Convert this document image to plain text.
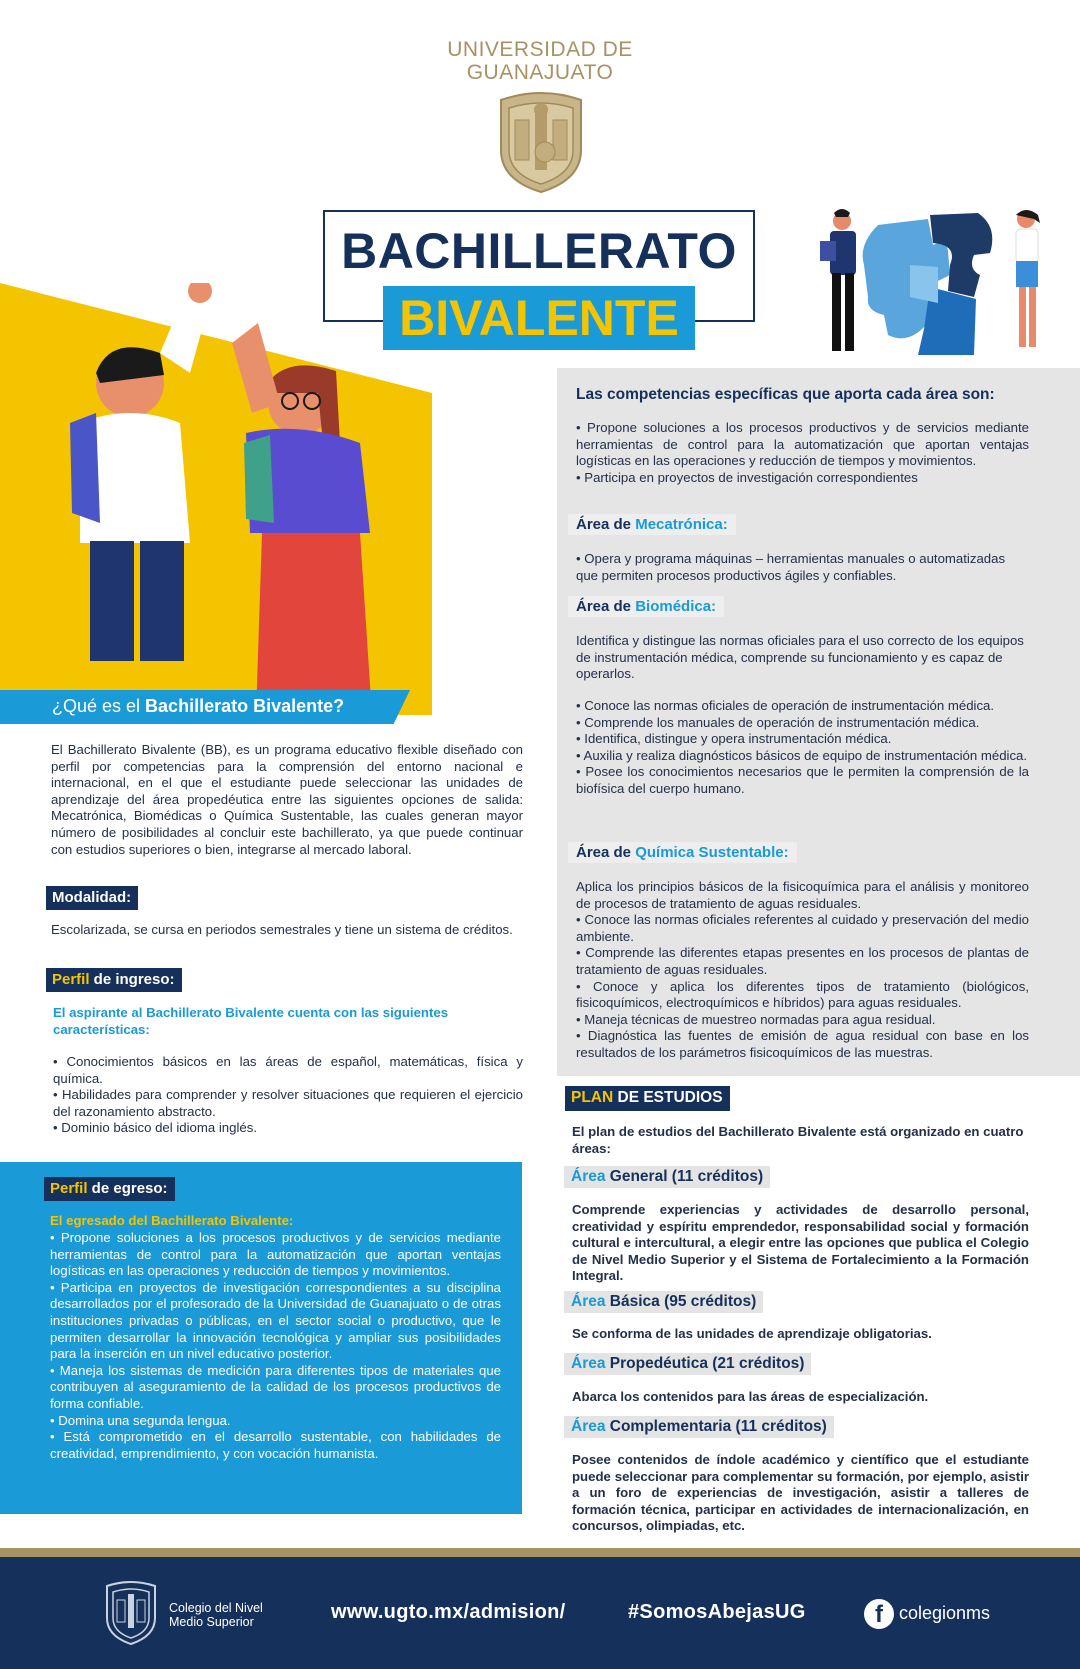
UNIVERSIDAD DE
GUANAJUATO
BACHILLERATO
BIVALENTE
¿Qué es el Bachillerato Bivalente?
El Bachillerato Bivalente (BB), es un programa educativo flexible diseñado con perfil por competencias para la comprensión del entorno nacional e internacional, en el que el estudiante puede seleccionar las unidades de aprendizaje del área propedéutica entre las siguientes opciones de salida: Mecatrónica, Biomédicas o Química Sustentable, las cuales generan mayor número de posibilidades al concluir este bachillerato, ya que puede continuar con estudios superiores o bien, integrarse al mercado laboral.
Modalidad:
Escolarizada, se cursa en periodos semestrales y tiene un sistema de créditos.
Perfil de ingreso:
El aspirante al Bachillerato Bivalente cuenta con las siguientes características:
• Conocimientos básicos en las áreas de español, matemáticas, física y química.
• Habilidades para comprender y resolver situaciones que requieren el ejercicio del razonamiento abstracto.
• Dominio básico del idioma inglés.
Perfil de egreso:
El egresado del Bachillerato Bivalente:
• Propone soluciones a los procesos productivos y de servicios mediante herramientas de control para la automatización que aportan ventajas logísticas en las operaciones y reducción de tiempos y movimientos.
• Participa en proyectos de investigación correspondientes a su disciplina desarrollados por el profesorado de la Universidad de Guanajuato o de otras instituciones privadas o públicas, en el sector social o productivo, que le permiten desarrollar la innovación tecnológica y ampliar sus posibilidades para la inserción en un nivel educativo posterior.
• Maneja los sistemas de medición para diferentes tipos de materiales que contribuyen al aseguramiento de la calidad de los procesos productivos de forma confiable.
• Domina una segunda lengua.
• Está comprometido en el desarrollo sustentable, con habilidades de creatividad, emprendimiento, y con vocación humanista.
Las competencias específicas que aporta cada área son:
• Propone soluciones a los procesos productivos y de servicios mediante herramientas de control para la automatización que aportan ventajas logísticas en las operaciones y reducción de tiempos y movimientos.
• Participa en proyectos de investigación correspondientes
Área de Mecatrónica:
• Opera y programa máquinas – herramientas manuales o automatizadas que permiten procesos productivos ágiles y confiables.
Área de Biomédica:
Identifica y distingue las normas oficiales para el uso correcto de los equipos de instrumentación médica, comprende su funcionamiento y es capaz de operarlos.
• Conoce las normas oficiales de operación de instrumentación médica.
• Comprende los manuales de operación de instrumentación médica.
• Identifica, distingue y opera instrumentación médica.
• Auxilia y realiza diagnósticos básicos de equipo de instrumentación médica.
• Posee los conocimientos necesarios que le permiten la comprensión de la biofísica del cuerpo humano.
Área de Química Sustentable:
Aplica los principios básicos de la fisicoquímica para el análisis y monitoreo de procesos de tratamiento de aguas residuales.
• Conoce las normas oficiales referentes al cuidado y preservación del medio ambiente.
• Comprende las diferentes etapas presentes en los procesos de plantas de tratamiento de aguas residuales.
• Conoce y aplica los diferentes tipos de tratamiento (biológicos, fisicoquímicos, electroquímicos e híbridos) para aguas residuales.
• Maneja técnicas de muestreo normadas para agua residual.
• Diagnóstica las fuentes de emisión de agua residual con base en los resultados de los parámetros fisicoquímicos de las muestras.
PLAN DE ESTUDIOS
El plan de estudios del Bachillerato Bivalente está organizado en cuatro áreas:
Área General (11 créditos)
Comprende experiencias y actividades de desarrollo personal, creatividad y espíritu emprendedor, responsabilidad social y formación cultural e intercultural, a elegir entre las opciones que publica el Colegio de Nivel Medio Superior y el Sistema de Fortalecimiento a la Formación Integral.
Área Básica (95 créditos)
Se conforma de las unidades de aprendizaje obligatorias.
Área Propedéutica (21 créditos)
Abarca los contenidos para las áreas de especialización.
Área Complementaria (11 créditos)
Posee contenidos de índole académico y científico que el estudiante puede seleccionar para complementar su formación, por ejemplo, asistir a un foro de experiencias de investigación, asistir a talleres de formación técnica, participar en actividades de internacionalización, en concursos, olimpiadas, etc.
Colegio del Nivel
Medio Superior	www.ugto.mx/admision/	#SomosAbejasUG	f colegionms
